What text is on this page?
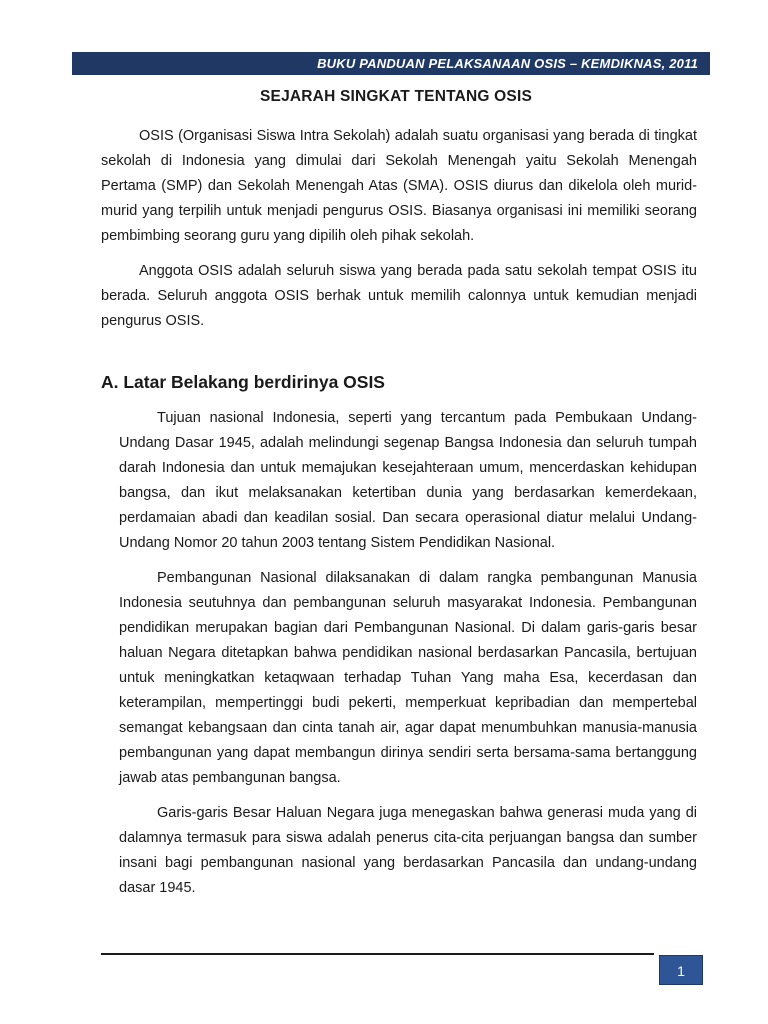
BUKU PANDUAN PELAKSANAAN OSIS – KEMDIKNAS, 2011
SEJARAH SINGKAT TENTANG OSIS

OSIS (Organisasi Siswa Intra Sekolah) adalah suatu organisasi yang berada di tingkat sekolah di Indonesia yang dimulai dari Sekolah Menengah yaitu Sekolah Menengah Pertama (SMP) dan Sekolah Menengah Atas (SMA). OSIS diurus dan dikelola oleh murid-murid yang terpilih untuk menjadi pengurus OSIS. Biasanya organisasi ini memiliki seorang pembimbing seorang guru yang dipilih oleh pihak sekolah.

Anggota OSIS adalah seluruh siswa yang berada pada satu sekolah tempat OSIS itu berada. Seluruh anggota OSIS berhak untuk memilih calonnya untuk kemudian menjadi pengurus OSIS.

A. Latar Belakang berdirinya OSIS

Tujuan nasional Indonesia, seperti yang tercantum pada Pembukaan Undang-Undang Dasar 1945, adalah melindungi segenap Bangsa Indonesia dan seluruh tumpah darah Indonesia dan untuk memajukan kesejahteraan umum, mencerdaskan kehidupan bangsa, dan ikut melaksanakan ketertiban dunia yang berdasarkan kemerdekaan, perdamaian abadi dan keadilan sosial. Dan secara operasional diatur melalui Undang-Undang Nomor 20 tahun 2003 tentang Sistem Pendidikan Nasional.

Pembangunan Nasional dilaksanakan di dalam rangka pembangunan Manusia Indonesia seutuhnya dan pembangunan seluruh masyarakat Indonesia. Pembangunan pendidikan merupakan bagian dari Pembangunan Nasional. Di dalam garis-garis besar haluan Negara ditetapkan bahwa pendidikan nasional berdasarkan Pancasila, bertujuan untuk meningkatkan ketaqwaan terhadap Tuhan Yang maha Esa, kecerdasan dan keterampilan, mempertinggi budi pekerti, memperkuat kepribadian dan mempertebal semangat kebangsaan dan cinta tanah air, agar dapat menumbuhkan manusia-manusia pembangunan yang dapat membangun dirinya sendiri serta bersama-sama bertanggung jawab atas pembangunan bangsa.

Garis-garis Besar Haluan Negara juga menegaskan bahwa generasi muda yang di dalamnya termasuk para siswa adalah penerus cita-cita perjuangan bangsa dan sumber insani bagi pembangunan nasional yang berdasarkan Pancasila dan undang-undang dasar 1945.

1
